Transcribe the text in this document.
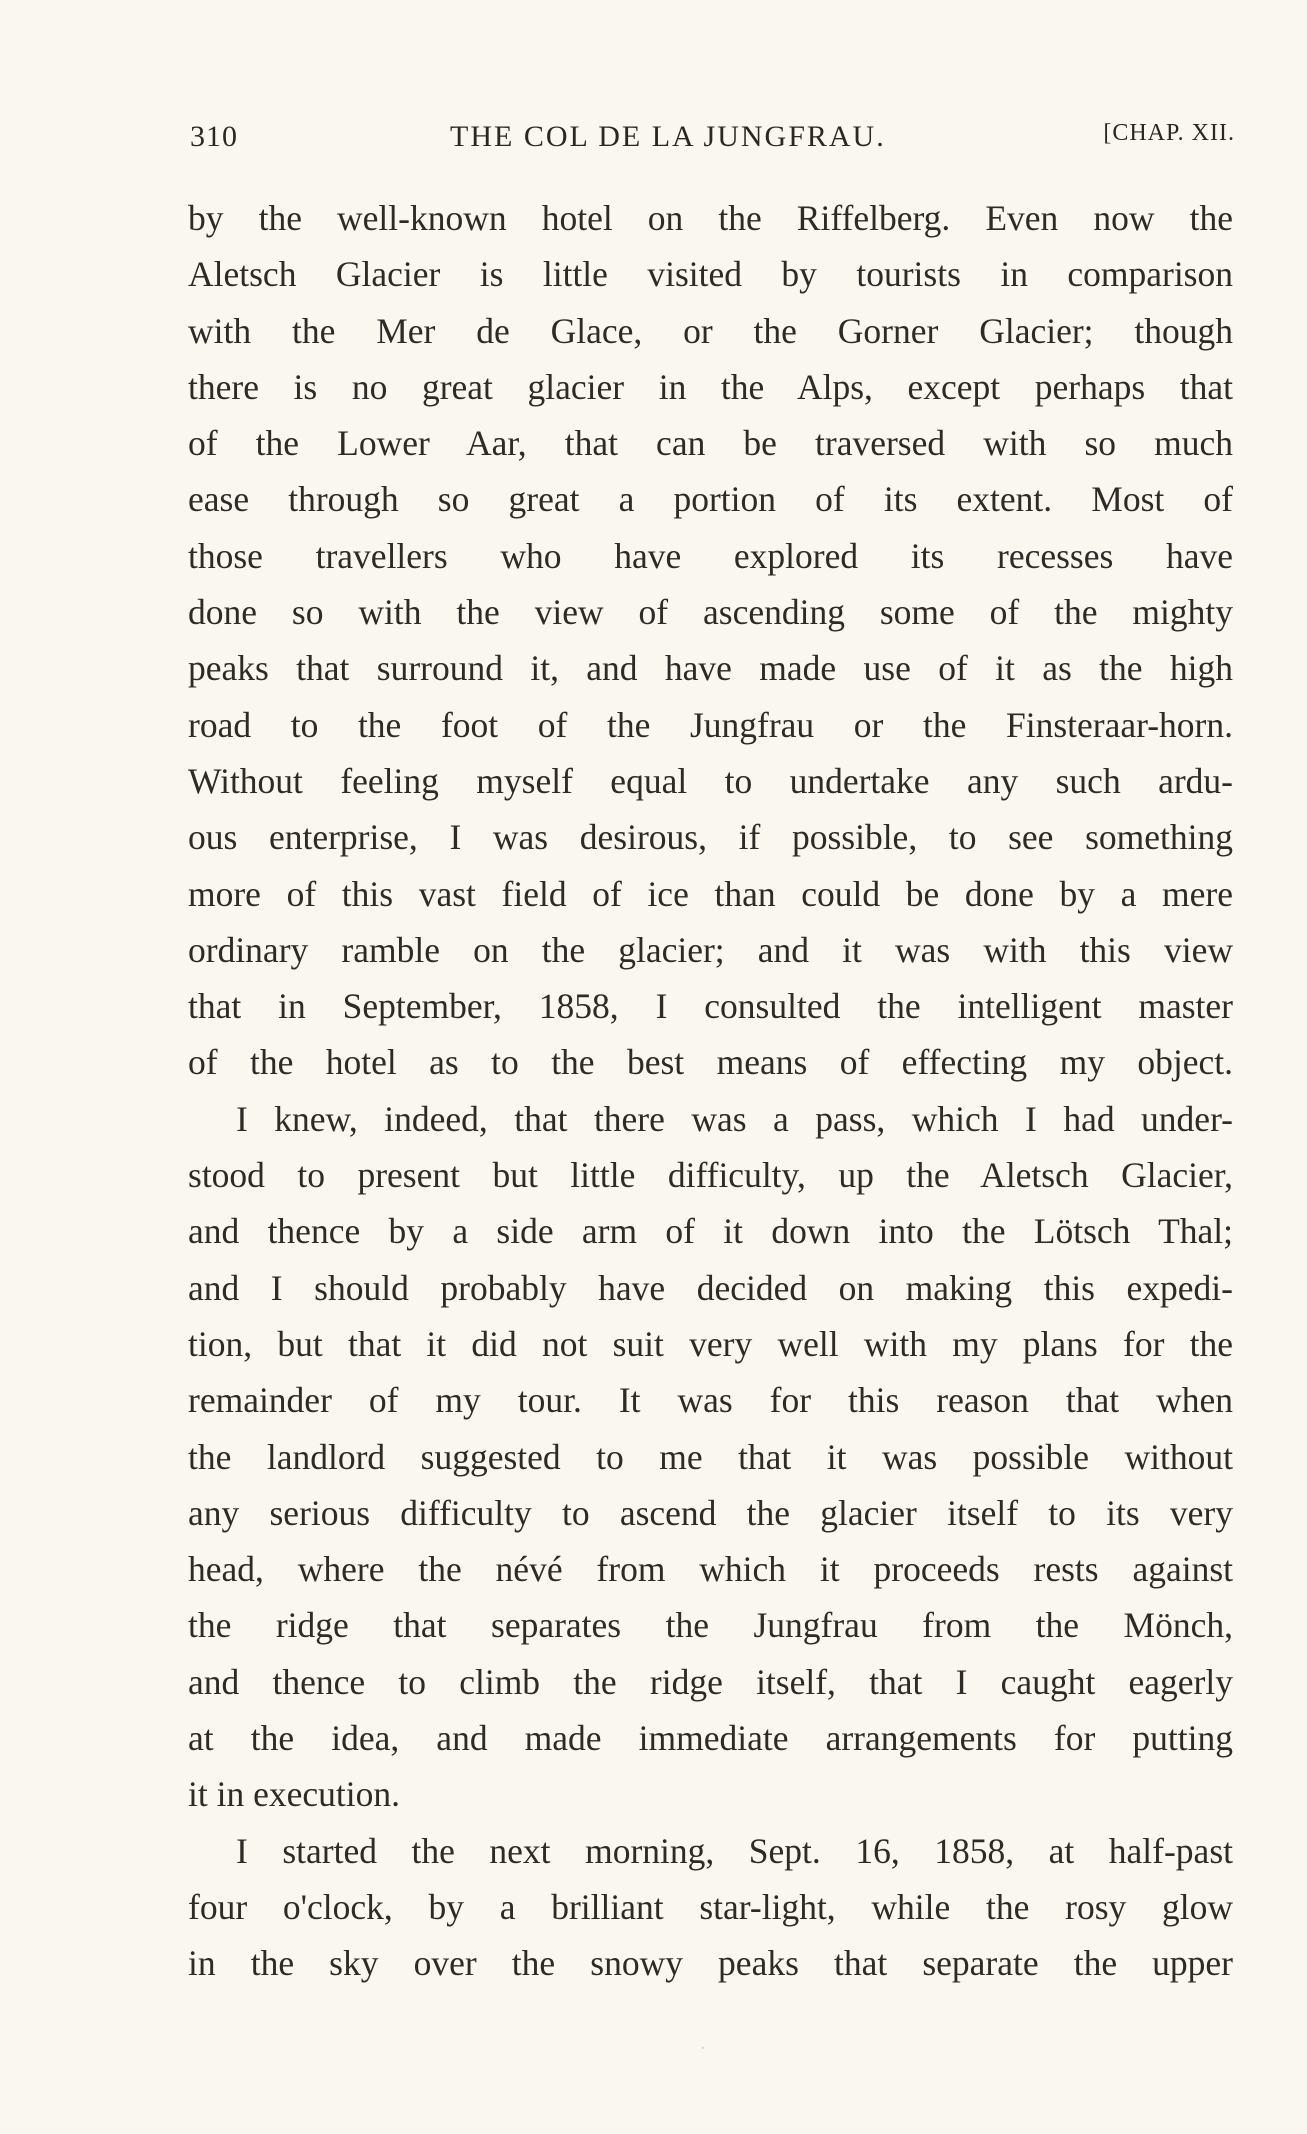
310	THE COL DE LA JUNGFRAU.	[CHAP. XII.
by the well-known hotel on the Riffelberg. Even now the
Aletsch Glacier is little visited by tourists in comparison
with the Mer de Glace, or the Gorner Glacier; though
there is no great glacier in the Alps, except perhaps that
of the Lower Aar, that can be traversed with so much
ease through so great a portion of its extent. Most of
those travellers who have explored its recesses have
done so with the view of ascending some of the mighty
peaks that surround it, and have made use of it as the high
road to the foot of the Jungfrau or the Finsteraar-horn.
Without feeling myself equal to undertake any such ardu-
ous enterprise, I was desirous, if possible, to see something
more of this vast field of ice than could be done by a mere
ordinary ramble on the glacier; and it was with this view
that in September, 1858, I consulted the intelligent master
of the hotel as to the best means of effecting my object.
I knew, indeed, that there was a pass, which I had under-
stood to present but little difficulty, up the Aletsch Glacier,
and thence by a side arm of it down into the Lötsch Thal;
and I should probably have decided on making this expedi-
tion, but that it did not suit very well with my plans for the
remainder of my tour. It was for this reason that when
the landlord suggested to me that it was possible without
any serious difficulty to ascend the glacier itself to its very
head, where the névé from which it proceeds rests against
the ridge that separates the Jungfrau from the Mönch,
and thence to climb the ridge itself, that I caught eagerly
at the idea, and made immediate arrangements for putting
it in execution.
I started the next morning, Sept. 16, 1858, at half-past
four o'clock, by a brilliant star-light, while the rosy glow
in the sky over the snowy peaks that separate the upper
·
